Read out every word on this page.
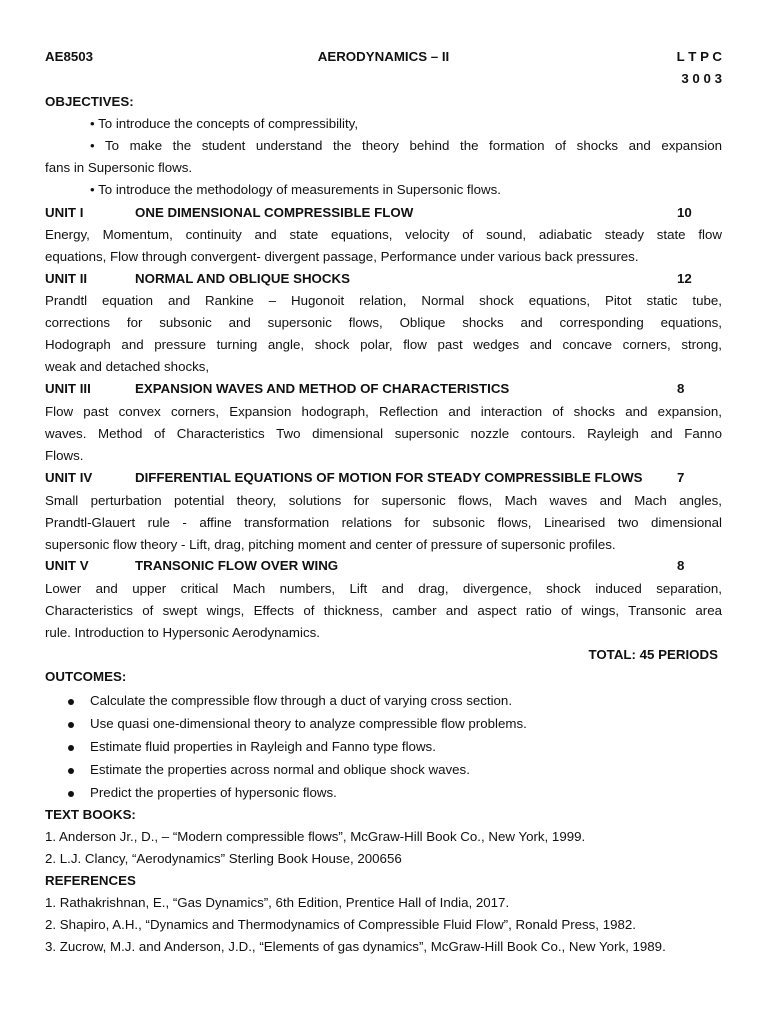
AE8503	AERODYNAMICS – II	L T P C
3 0 0 3
OBJECTIVES:
• To introduce the concepts of compressibility,
• To make the student understand the theory behind the formation of shocks and expansion
fans in Supersonic flows.
• To introduce the methodology of measurements in Supersonic flows.
UNIT I	ONE DIMENSIONAL COMPRESSIBLE FLOW	10
Energy, Momentum, continuity and state equations, velocity of sound, adiabatic steady state flow
equations, Flow through convergent- divergent passage, Performance under various back pressures.
UNIT II	NORMAL AND OBLIQUE SHOCKS	12
Prandtl equation and Rankine – Hugonoit relation, Normal shock equations, Pitot static tube,
corrections for subsonic and supersonic flows, Oblique shocks and corresponding equations,
Hodograph and pressure turning angle, shock polar, flow past wedges and concave corners, strong,
weak and detached shocks,
UNIT III	EXPANSION WAVES AND METHOD OF CHARACTERISTICS	8
Flow past convex corners, Expansion hodograph, Reflection and interaction of shocks and expansion,
waves. Method of Characteristics Two dimensional supersonic nozzle contours. Rayleigh and Fanno
Flows.
UNIT IV	DIFFERENTIAL EQUATIONS OF MOTION FOR STEADY COMPRESSIBLE FLOWS	7
Small perturbation potential theory, solutions for supersonic flows, Mach waves and Mach angles,
Prandtl-Glauert rule - affine transformation relations for subsonic flows, Linearised two dimensional
supersonic flow theory - Lift, drag, pitching moment and center of pressure of supersonic profiles.
UNIT V	TRANSONIC FLOW OVER WING	8
Lower and upper critical Mach numbers, Lift and drag, divergence, shock induced separation,
Characteristics of swept wings, Effects of thickness, camber and aspect ratio of wings, Transonic area
rule. Introduction to Hypersonic Aerodynamics.
TOTAL: 45 PERIODS
OUTCOMES:
Calculate the compressible flow through a duct of varying cross section.
Use quasi one-dimensional theory to analyze compressible flow problems.
Estimate fluid properties in Rayleigh and Fanno type flows.
Estimate the properties across normal and oblique shock waves.
Predict the properties of hypersonic flows.
TEXT BOOKS:
1. Anderson Jr., D., – “Modern compressible flows”, McGraw-Hill Book Co., New York, 1999.
2. L.J. Clancy, “Aerodynamics” Sterling Book House, 200656
REFERENCES
1. Rathakrishnan, E., “Gas Dynamics”, 6th Edition, Prentice Hall of India, 2017.
2. Shapiro, A.H., “Dynamics and Thermodynamics of Compressible Fluid Flow”, Ronald Press, 1982.
3. Zucrow, M.J. and Anderson, J.D., “Elements of gas dynamics”, McGraw-Hill Book Co., New York, 1989.
